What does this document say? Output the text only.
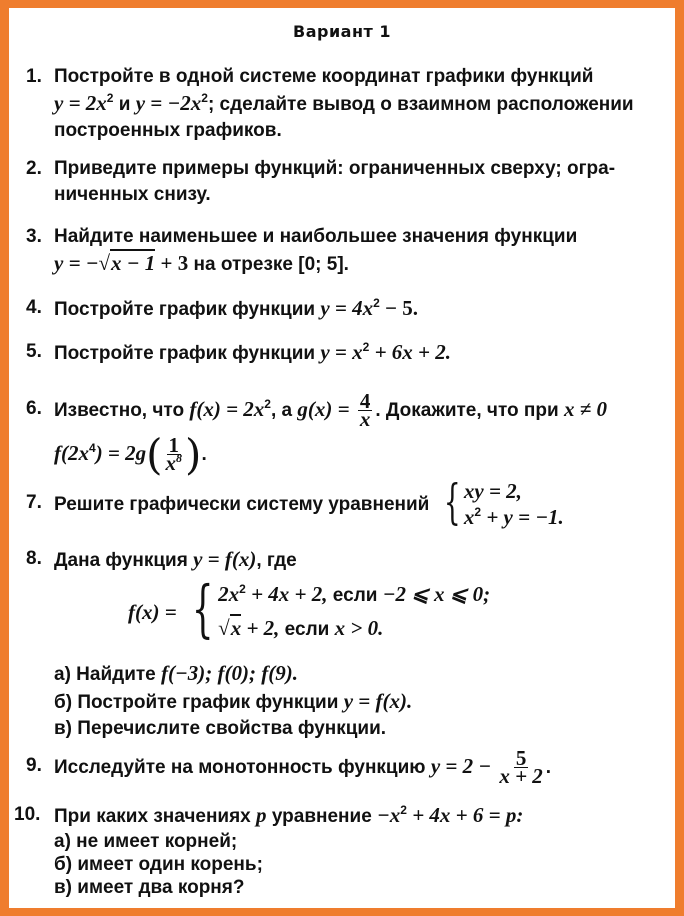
Вариант 1
1. Постройте в одной системе координат графики функций
$y = 2x^2$ и $y = -2x^2$; сделайте вывод о взаимном расположении
построенных графиков.
2. Приведите примеры функций: ограниченных сверху; огра-
ниченных снизу.
3. Найдите наименьшее и наибольшее значения функции
y = −√x − 1 + 3 на отрезке [0; 5].
4. Постройте график функции $y = 4x^2 - 5$.
5. Постройте график функции $y = x^2 + 6x + 2$.
6. Известно, что $f(x) = 2x^2$, а $g(x) = \frac{4}{x}$ . Докажите, что при x ≠ 0
$f(2x^4) = 2g( \frac{1}{x^8}$ ).
7. Решите графически систему уравнений { xy = 2,
$x^2 + y = -1$.
8. Дана функция y = f(x), где
f(x) = { $2x^2 + 4x + 2$, если −2 ⩽ x ⩽ 0;
√x + 2, если x > 0.
а) Найдите f(−3); f(0); f(9).
б) Постройте график функции y = f(x).
в) Перечислите свойства функции.
9. Исследуйте на монотонность функцию $y = 2 - \frac{5}{x + 2}$ .
10. При каких значениях p уравнение $-x^2 + 4x + 6 = p$:
а) не имеет корней;
б) имеет один корень;
в) имеет два корня?
